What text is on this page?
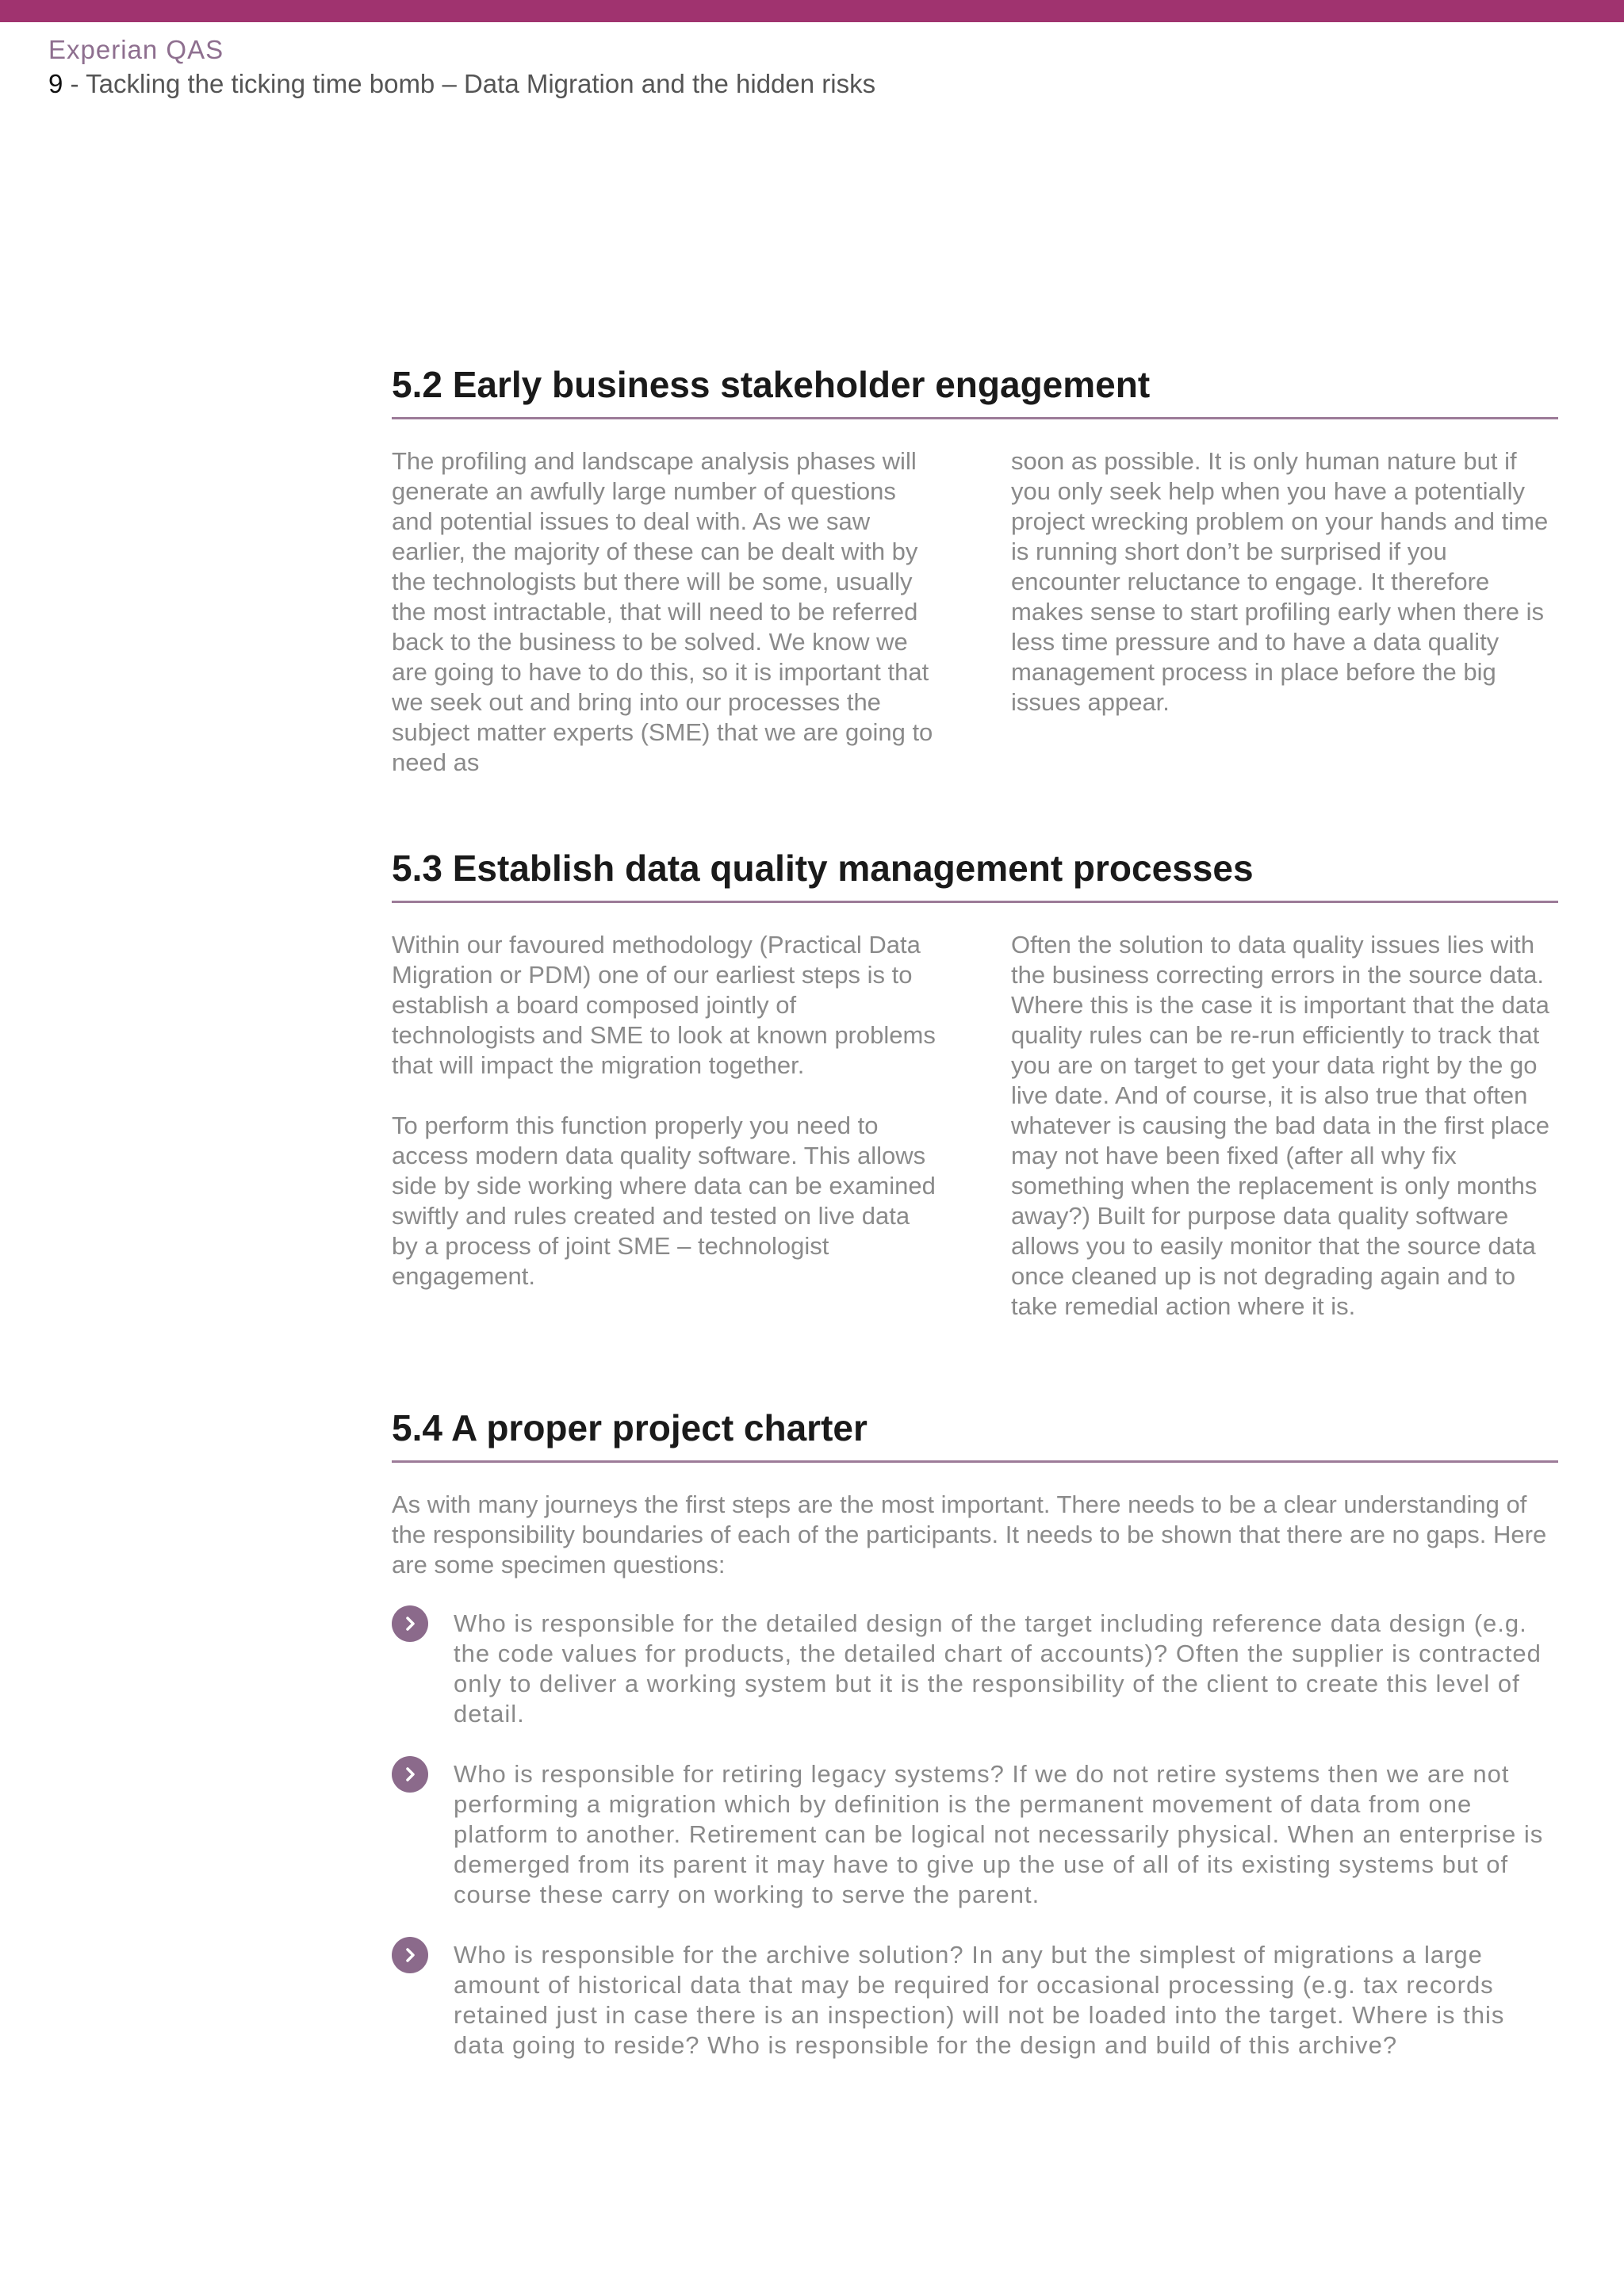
Experian QAS
9 - Tackling the ticking time bomb – Data Migration and the hidden risks
5.2 Early business stakeholder engagement

The profiling and landscape analysis phases will generate an awfully large number of questions and potential issues to deal with. As we saw earlier, the majority of these can be dealt with by the technologists but there will be some, usually the most intractable, that will need to be referred back to the business to be solved. We know we are going to have to do this, so it is important that we seek out and bring into our processes the subject matter experts (SME) that we are going to need as

soon as possible. It is only human nature but if you only seek help when you have a potentially project wrecking problem on your hands and time is running short don’t be surprised if you encounter reluctance to engage. It therefore makes sense to start profiling early when there is less time pressure and to have a data quality management process in place before the big issues appear.

5.3 Establish data quality management processes

Within our favoured methodology (Practical Data Migration or PDM) one of our earliest steps is to establish a board composed jointly of technologists and SME to look at known problems that will impact the migration together.

To perform this function properly you need to access modern data quality software. This allows side by side working where data can be examined swiftly and rules created and tested on live data by a process of joint SME – technologist engagement.

Often the solution to data quality issues lies with the business correcting errors in the source data. Where this is the case it is important that the data quality rules can be re-run efficiently to track that you are on target to get your data right by the go live date. And of course, it is also true that often whatever is causing the bad data in the first place may not have been fixed (after all why fix something when the replacement is only months away?) Built for purpose data quality software allows you to easily monitor that the source data once cleaned up is not degrading again and to take remedial action where it is.

5.4 A proper project charter

As with many journeys the first steps are the most important. There needs to be a clear understanding of the responsibility boundaries of each of the participants. It needs to be shown that there are no gaps. Here are some specimen questions:

Who is responsible for the detailed design of the target including reference data design (e.g. the code values for products, the detailed chart of accounts)? Often the supplier is contracted only to deliver a working system but it is the responsibility of the client to create this level of detail.
Who is responsible for retiring legacy systems? If we do not retire systems then we are not performing a migration which by definition is the permanent movement of data from one platform to another. Retirement can be logical not necessarily physical. When an enterprise is demerged from its parent it may have to give up the use of all of its existing systems but of course these carry on working to serve the parent.
Who is responsible for the archive solution? In any but the simplest of migrations a large amount of historical data that may be required for occasional processing (e.g. tax records retained just in case there is an inspection) will not be loaded into the target. Where is this data going to reside? Who is responsible for the design and build of this archive?
